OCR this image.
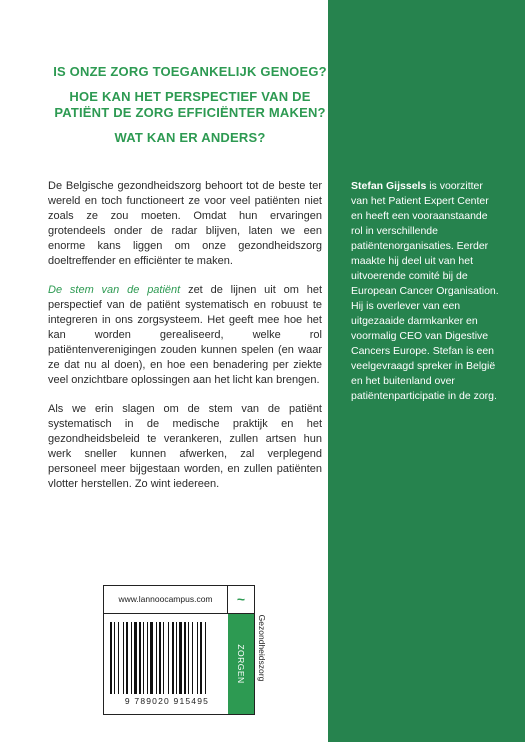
IS ONZE ZORG TOEGANKELIJK GENOEG?
HOE KAN HET PERSPECTIEF VAN DE PATIËNT DE ZORG EFFICIËNTER MAKEN?
WAT KAN ER ANDERS?

De Belgische gezondheidszorg behoort tot de beste ter wereld en toch functioneert ze voor veel patiënten niet zoals ze zou moeten. Omdat hun ervaringen grotendeels onder de radar blijven, laten we een enorme kans liggen om onze gezondheidszorg doeltreffender en efficiënter te maken.

De stem van de patiënt zet de lijnen uit om het perspectief van de patiënt systematisch en robuust te integreren in ons zorgsysteem. Het geeft mee hoe het kan worden gerealiseerd, welke rol patiëntenverenigingen zouden kunnen spelen (en waar ze dat nu al doen), en hoe een benadering per ziekte veel onzichtbare oplossingen aan het licht kan brengen.

Als we erin slagen om de stem van de patiënt systematisch in de medische praktijk en het gezondheidsbeleid te verankeren, zullen artsen hun werk sneller kunnen afwerken, zal verplegend personeel meer bijgestaan worden, en zullen patiënten vlotter herstellen. Zo wint iedereen.

Stefan Gijssels is voorzitter van het Patient Expert Center en heeft een vooraanstaande rol in verschillende patiëntenorganisaties. Eerder maakte hij deel uit van het uitvoerende comité bij de European Cancer Organisation. Hij is overlever van een uitgezaaide darmkanker en voormalig CEO van Digestive Cancers Europe. Stefan is een veelgevraagd spreker in België en het buitenland over patiëntenparticipatie in de zorg.
www.lannoocampus.com	~
ZORGEN
9 789020 915495
Gezondheidszorg
